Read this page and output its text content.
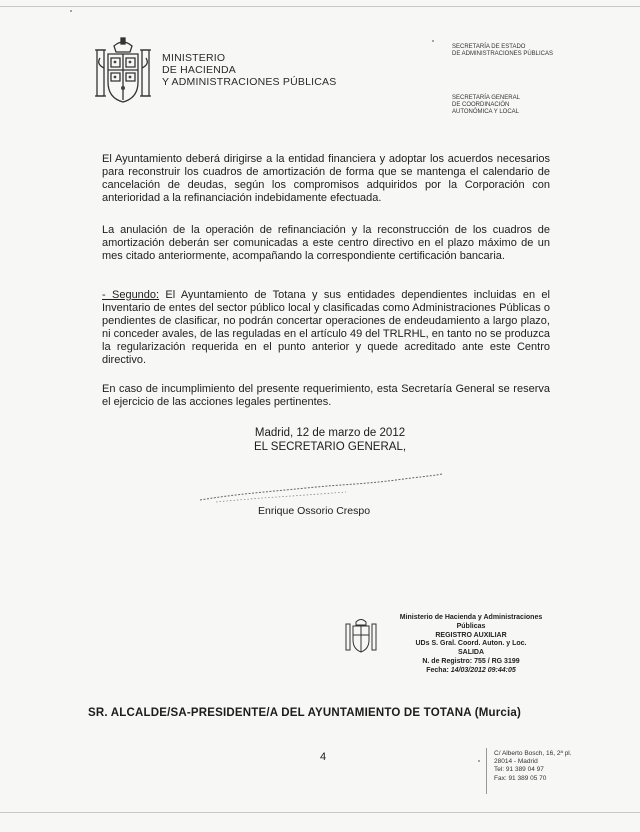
MINISTERIO
DE HACIENDA
Y ADMINISTRACIONES PÚBLICAS
SECRETARÍA DE ESTADO
DE ADMINISTRACIONES PÚBLICAS
SECRETARÍA GENERAL
DE COORDINACIÓN
AUTONÓMICA Y LOCAL

El Ayuntamiento deberá dirigirse a la entidad financiera y adoptar los acuerdos necesarios para reconstruir los cuadros de amortización de forma que se mantenga el calendario de cancelación de deudas, según los compromisos adquiridos por la Corporación con anterioridad a la refinanciación indebidamente efectuada.

La anulación de la operación de refinanciación y la reconstrucción de los cuadros de amortización deberán ser comunicadas a este centro directivo en el plazo máximo de un mes citado anteriormente, acompañando la correspondiente certificación bancaria.

- Segundo: El Ayuntamiento de Totana y sus entidades dependientes incluidas en el Inventario de entes del sector público local y clasificadas como Administraciones Públicas o pendientes de clasificar, no podrán concertar operaciones de endeudamiento a largo plazo, ni conceder avales, de las reguladas en el artículo 49 del TRLRHL, en tanto no se produzca la regularización requerida en el punto anterior y quede acreditado ante este Centro directivo.

En caso de incumplimiento del presente requerimiento, esta Secretaría General se reserva el ejercicio de las acciones legales pertinentes.

Madrid, 12 de marzo de 2012
EL SECRETARIO GENERAL,
Enrique Ossorio Crespo
Ministerio de Hacienda y Administraciones
Públicas
REGISTRO AUXILIAR
UDs S. Gral. Coord. Auton. y Loc.
SALIDA
N. de Registro: 755 / RG 3199
Fecha: 14/03/2012 09:44:05
SR. ALCALDE/SA-PRESIDENTE/A DEL AYUNTAMIENTO DE TOTANA (Murcia)
4	C/ Alberto Bosch, 16, 2ª pl.
28014 - Madrid
Tel: 91 389 04 97
Fax: 91 389 05 70
